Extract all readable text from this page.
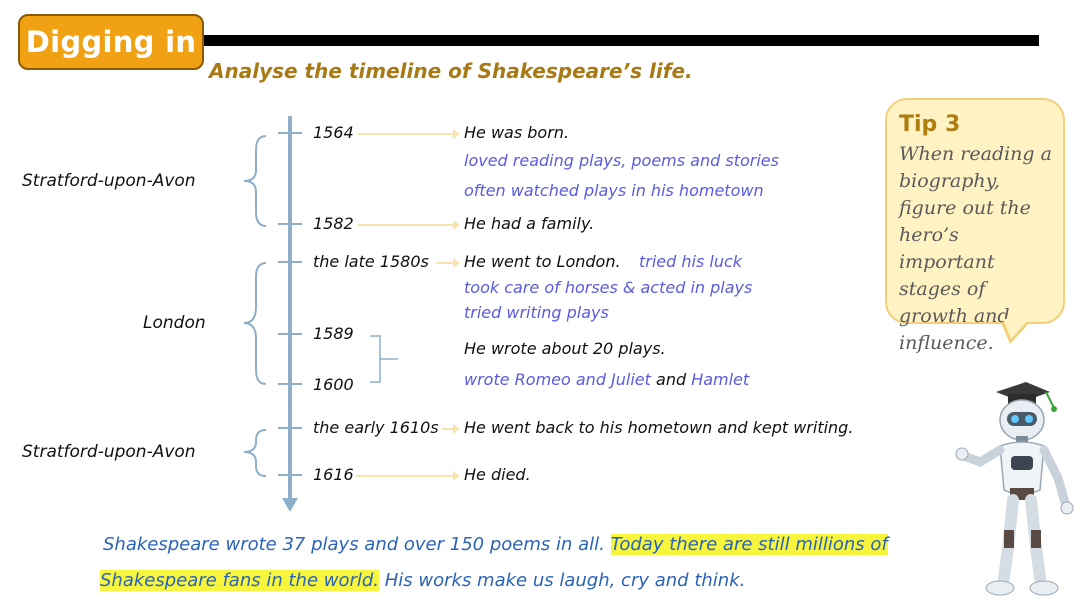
Digging in
Analyse the timeline of Shakespeare’s life.
Stratford-upon-Avon
London
Stratford-upon-Avon
1564
1582
the late 1580s
1589
1600
the early 1610s
1616
He was born.
loved reading plays, poems and stories
often watched plays in his hometown
He had a family.
He went to London. tried his luck
took care of horses & acted in plays
tried writing plays
He wrote about 20 plays.
wrote Romeo and Juliet and Hamlet
He went back to his hometown and kept writing.
He died.
Tip 3
When reading a biography, figure out the hero’s important stages of growth and influence.
Shakespeare wrote 37 plays and over 150 poems in all. Today there are still millions of
Shakespeare fans in the world. His works make us laugh, cry and think.
